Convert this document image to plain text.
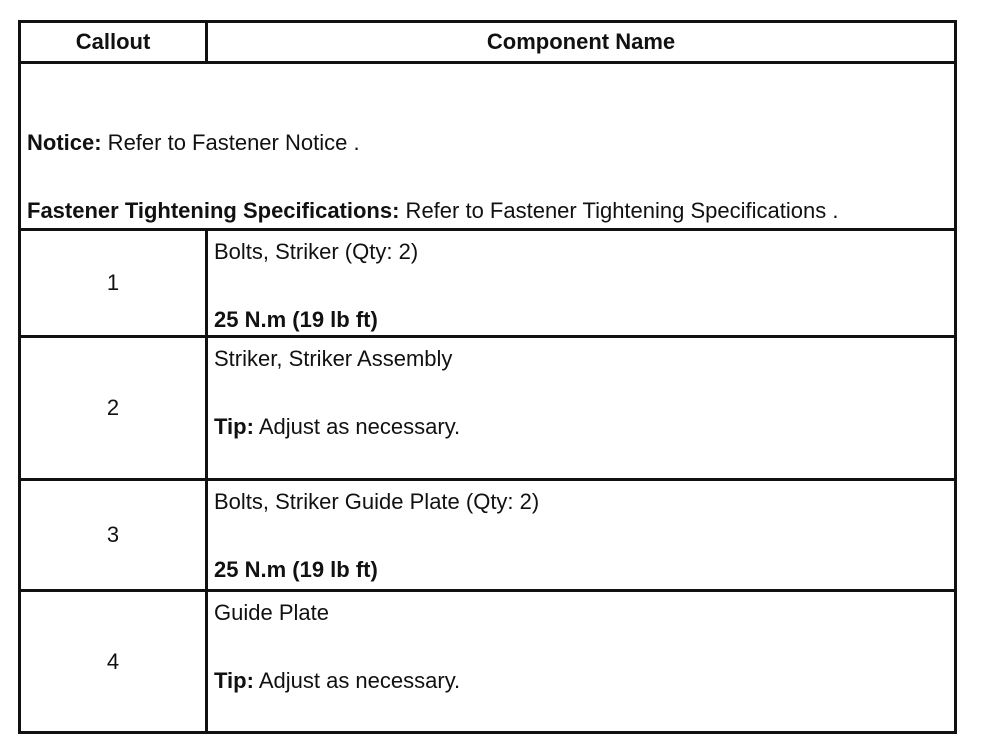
Callout	Component Name
Notice: Refer to Fastener Notice .
Fastener Tightening Specifications: Refer to Fastener Tightening Specifications .
1
Bolts, Striker (Qty: 2)
25 N.m (19 lb ft)
2
Striker, Striker Assembly
Tip: Adjust as necessary.
3
Bolts, Striker Guide Plate (Qty: 2)
25 N.m (19 lb ft)
4
Guide Plate
Tip: Adjust as necessary.
